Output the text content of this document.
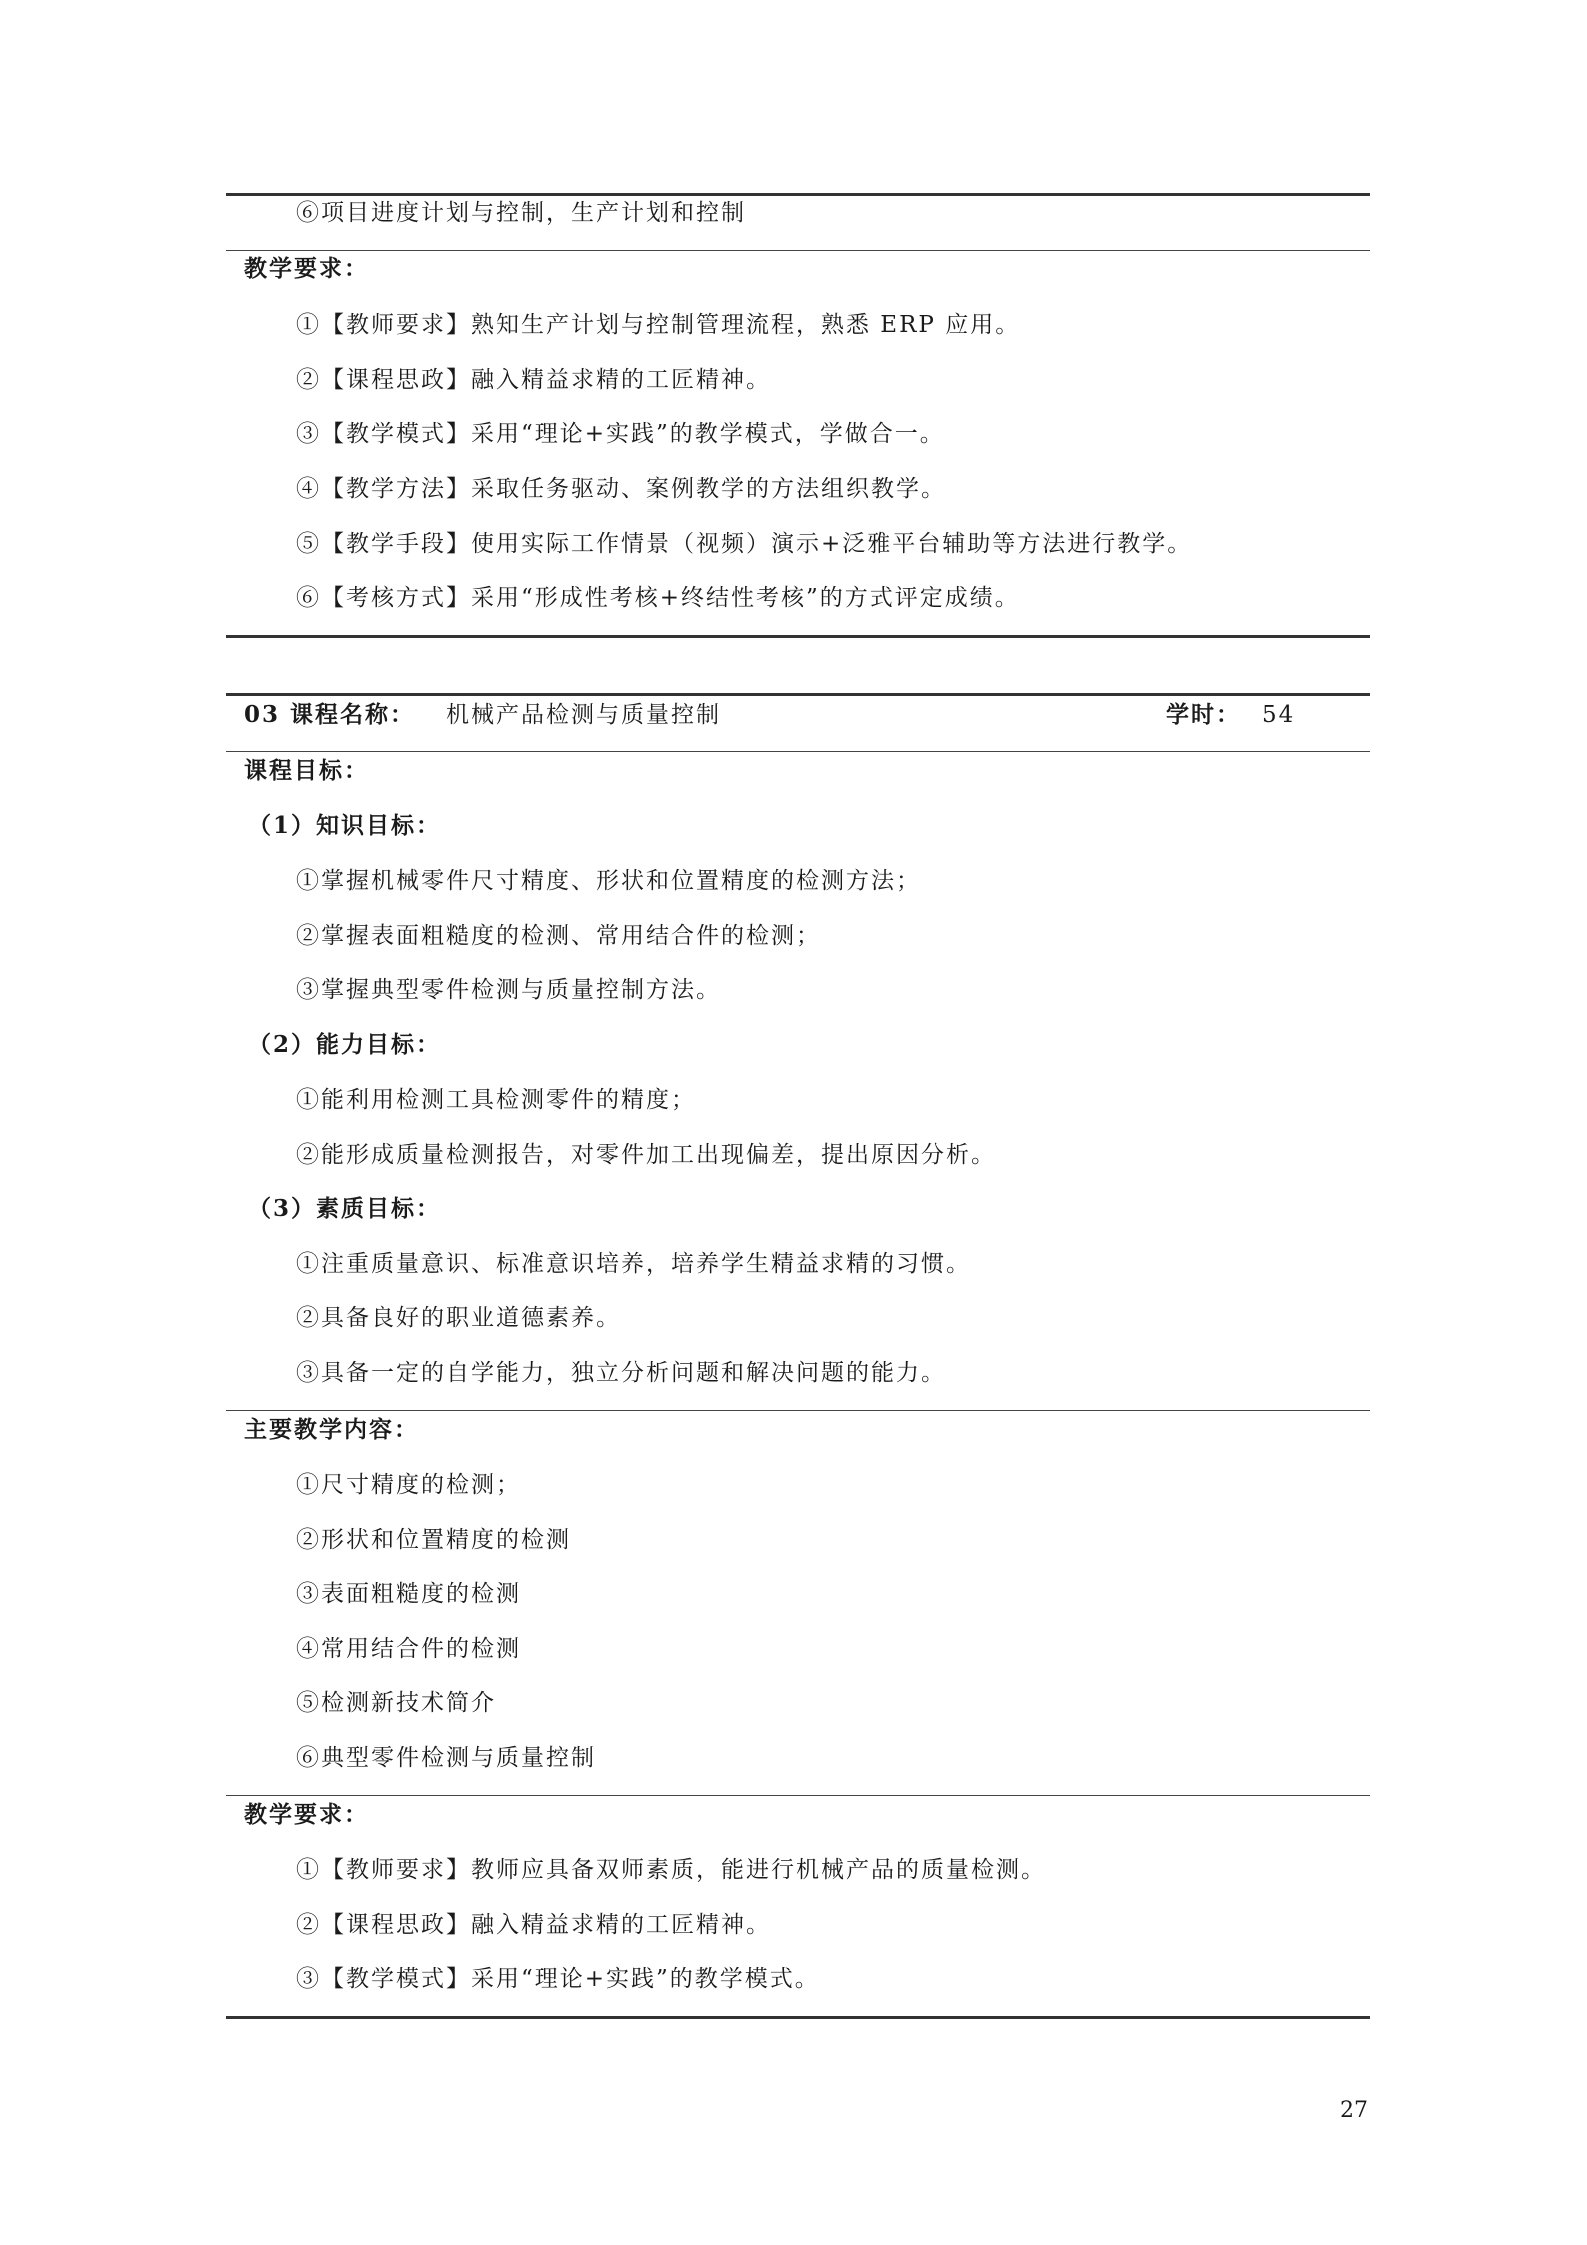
⑥项目进度计划与控制，生产计划和控制
教学要求：
①【教师要求】熟知生产计划与控制管理流程，熟悉 ERP 应用。
②【课程思政】融入精益求精的工匠精神。
③【教学模式】采用“理论+实践”的教学模式，学做合一。
④【教学方法】采取任务驱动、案例教学的方法组织教学。
⑤【教学手段】使用实际工作情景（视频）演示+泛雅平台辅助等方法进行教学。
⑥【考核方式】采用“形成性考核+终结性考核”的方式评定成绩。
03 课程名称： 机械产品检测与质量控制	学时： 54
课程目标：
（1）知识目标：
①掌握机械零件尺寸精度、形状和位置精度的检测方法；
②掌握表面粗糙度的检测、常用结合件的检测；
③掌握典型零件检测与质量控制方法。
（2）能力目标：
①能利用检测工具检测零件的精度；
②能形成质量检测报告，对零件加工出现偏差，提出原因分析。
（3）素质目标：
①注重质量意识、标准意识培养，培养学生精益求精的习惯。
②具备良好的职业道德素养。
③具备一定的自学能力，独立分析问题和解决问题的能力。
主要教学内容：
①尺寸精度的检测；
②形状和位置精度的检测
③表面粗糙度的检测
④常用结合件的检测
⑤检测新技术简介
⑥典型零件检测与质量控制
教学要求：
①【教师要求】教师应具备双师素质，能进行机械产品的质量检测。
②【课程思政】融入精益求精的工匠精神。
③【教学模式】采用“理论+实践”的教学模式。
27
